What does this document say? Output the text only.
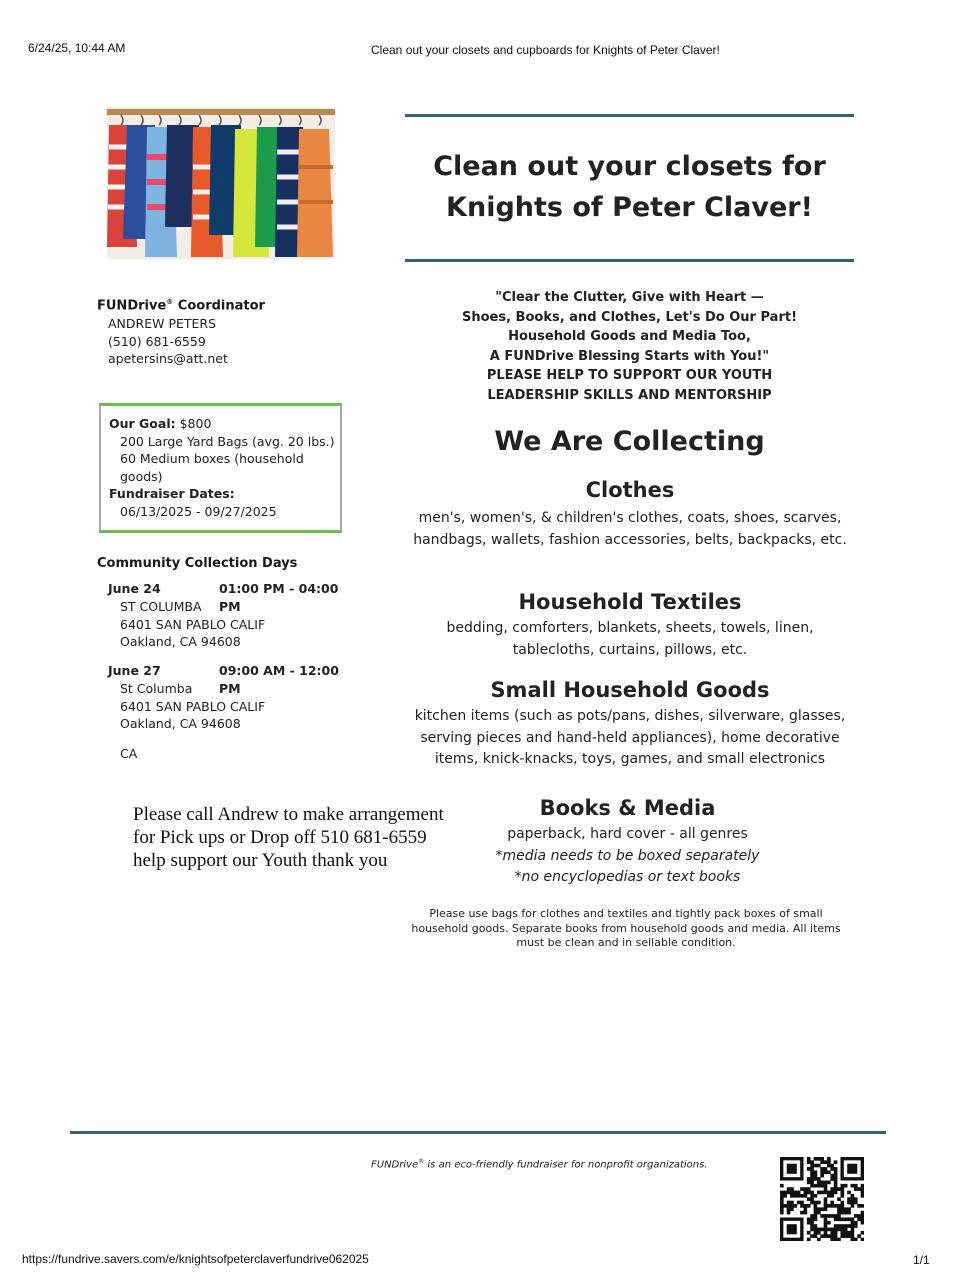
6/24/25, 10:44 AM	Clean out your closets and cupboards for Knights of Peter Claver!
Clean out your closets for
Knights of Peter Claver!
"Clear the Clutter, Give with Heart —
Shoes, Books, and Clothes, Let's Do Our Part!
Household Goods and Media Too,
A FUNDrive Blessing Starts with You!"
PLEASE HELP TO SUPPORT OUR YOUTH
LEADERSHIP SKILLS AND MENTORSHIP
We Are Collecting
Clothes
men's, women's, & children's clothes, coats, shoes, scarves,
handbags, wallets, fashion accessories, belts, backpacks, etc.
Household Textiles
bedding, comforters, blankets, sheets, towels, linen,
tablecloths, curtains, pillows, etc.
Small Household Goods
kitchen items (such as pots/pans, dishes, silverware, glasses,
serving pieces and hand-held appliances), home decorative
items, knick-knacks, toys, games, and small electronics
Books & Media
paperback, hard cover - all genres
*media needs to be boxed separately
*no encyclopedias or text books
Please use bags for clothes and textiles and tightly pack boxes of small
household goods. Separate books from household goods and media. All items
must be clean and in sellable condition.
FUNDrive® Coordinator
ANDREW PETERS
(510) 681-6559
apetersins@att.net
Our Goal: $800
200 Large Yard Bags (avg. 20 lbs.)
60 Medium boxes (household
goods)
Fundraiser Dates:
06/13/2025 - 09/27/2025
Community Collection Days
June 24	01:00 PM - 04:00 PM
ST COLUMBA
6401 SAN PABLO CALIF
Oakland, CA 94608
June 27	09:00 AM - 12:00 PM
St Columba
6401 SAN PABLO CALIF
Oakland, CA 94608
CA
Please call Andrew to make arrangement
for Pick ups or Drop off 510 681-6559
help support our Youth thank you
FUNDrive® is an eco-friendly fundraiser for nonprofit organizations.
https://fundrive.savers.com/e/knightsofpeterclaverfundrive062025	1/1
